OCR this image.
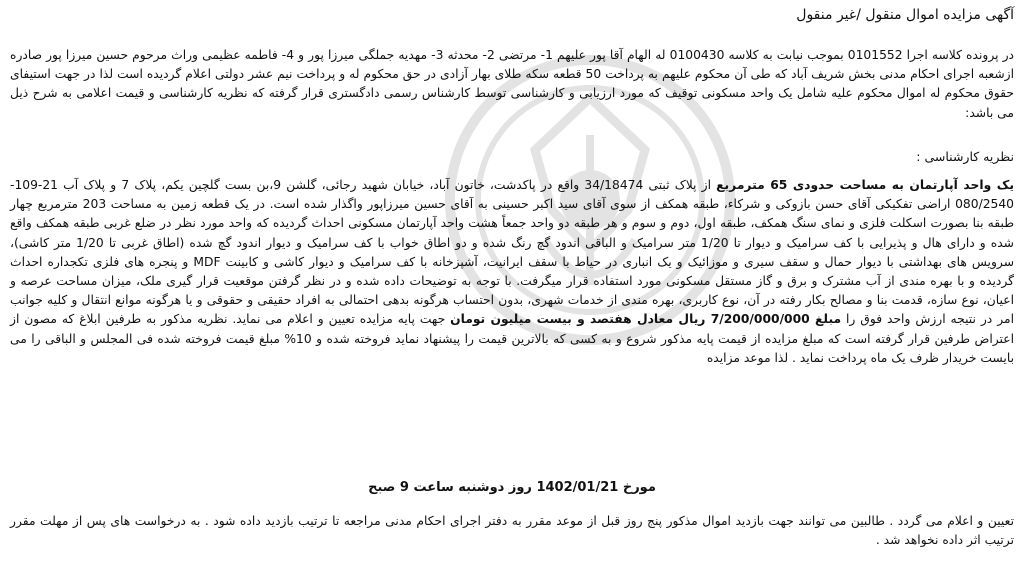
آگهی مزایده اموال منقول /غیر منقول
در پرونده کلاسه اجرا 0101552 بموجب نیابت به کلاسه 0100430 له الهام آقا پور علیهم 1- مرتضی 2- محدثه 3- مهدیه جملگی میرزا پور و 4- فاطمه عظیمی وراث مرحوم حسین میرزا پور صادره ازشعبه اجرای احکام مدنی بخش شریف آباد که طی آن محکوم علیهم به پرداخت 50 قطعه سکه طلای بهار آزادی در حق محکوم له و پرداخت نیم عشر دولتی اعلام گردیده است لذا در جهت استیفای حقوق محکوم له اموال محکوم علیه شامل یک واحد مسکونی توقیف که مورد ارزیابی و کارشناسی توسط کارشناس رسمی دادگستری قرار گرفته که نظریه کارشناسی و قیمت اعلامی به شرح ذیل می باشد:
نظریه کارشناسی :
یک واحد آپارتمان به مساحت حدودی 65 مترمربع از پلاک ثبتی 34/18474 واقع در پاکدشت، خاتون آباد، خیابان شهید رجائی، گلشن 9،بن بست گلچین یکم، پلاک 7 و پلاک آب 21-109-080/2540 اراضی تفکیکی آقای حسن بازوکی و شرکاء، طبقه همکف از سوی آقای سید اکبر حسینی به آقای حسین میرزاپور واگذار شده است. در یک قطعه زمین به مساحت 203 مترمربع چهار طبقه بنا بصورت اسکلت فلزی و نمای سنگ همکف، طبقه اول، دوم و سوم و هر طبقه دو واحد جمعاً هشت واحد آپارتمان مسکونی احداث گردیده که واحد مورد نظر در ضلع غربی طبقه همکف واقع شده و دارای هال و پذیرایی با کف سرامیک و دیوار تا 1/20 متر سرامیک و الباقی اندود گچ رنگ شده و دو اطاق خواب با کف سرامیک و دیوار اندود گچ شده (اطاق غربی تا 1/20 متر کاشی)، سرویس های بهداشتی با دیوار حمال و سقف سیری و موزائیک و یک انباری در حیاط با سقف ایرانیت، آشپزخانه با کف سرامیک و دیوار کاشی و کابینت MDF و پنجره های فلزی تکجداره احداث گردیده و با بهره مندی از آب مشترک و برق و گاز مستقل مسکونی مورد استفاده قرار میگرفت. با توجه به توضیحات داده شده و در نظر گرفتن موقعیت قرار گیری ملک، میزان مساحت عرصه و اعیان، نوع سازه، قدمت بنا و مصالح بکار رفته در آن، نوع کاربری، بهره مندی از خدمات شهری، بدون احتساب هرگونه بدهی احتمالی به افراد حقیقی و حقوقی و یا هرگونه موانع انتقال و کلیه جوانب امر در نتیجه ارزش واحد فوق را مبلغ 7/200/000/000 ریال معادل هفتصد و بیست میلیون تومان جهت پایه مزایده تعیین و اعلام می نماید. نظریه مذکور به طرفین ابلاغ که مصون از اعتراض طرفین قرار گرفته است که مبلغ مزایده از قیمت پایه مذکور شروع و به کسی که بالاترین قیمت را پیشنهاد نماید فروخته شده و 10% مبلغ قیمت فروخته شده فی المجلس و الباقی را می بایست خریدار ظرف یک ماه پرداخت نماید . لذا موعد مزایده
مورخ 1402/01/21 روز دوشنبه ساعت 9 صبح
تعیین و اعلام می گردد . طالبین می توانند جهت بازدید اموال مذکور پنج روز قبل از موعد مقرر به دفتر اجرای احکام مدنی مراجعه تا ترتیب بازدید داده شود . به درخواست های پس از مهلت مقرر ترتیب اثر داده نخواهد شد .
